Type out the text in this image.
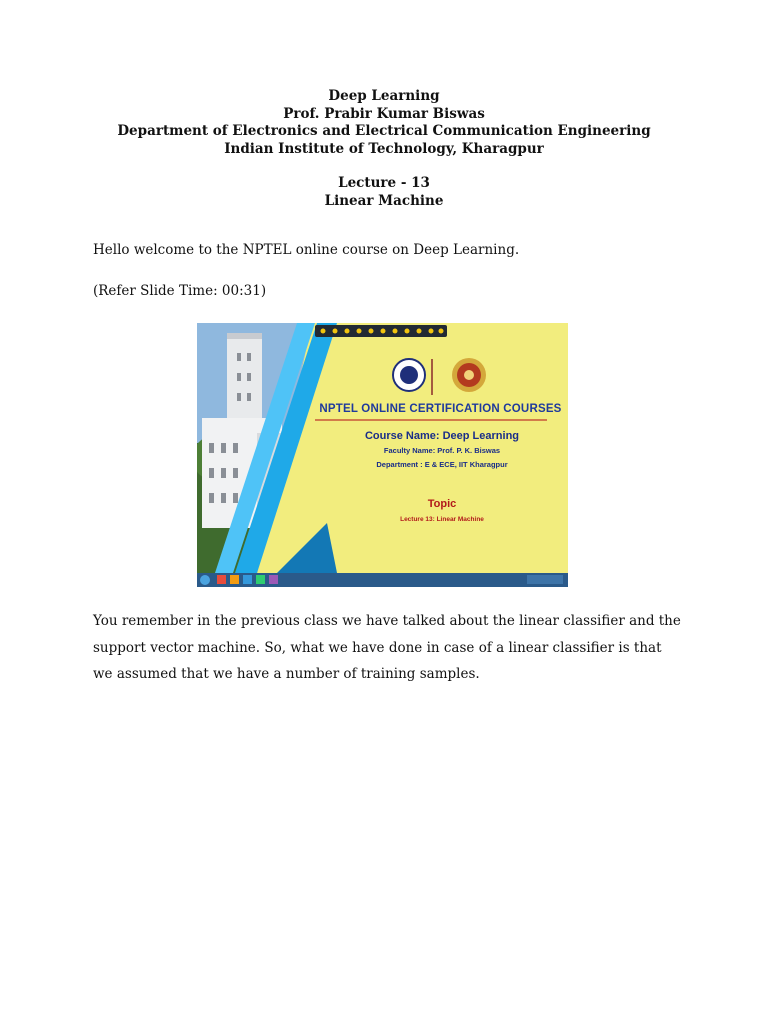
Deep Learning
Prof. Prabir Kumar Biswas
Department of Electronics and Electrical Communication Engineering
Indian Institute of Technology, Kharagpur
Lecture - 13
Linear Machine
Hello welcome to the NPTEL online course on Deep Learning.
(Refer Slide Time: 00:31)
NPTEL ONLINE CERTIFICATION COURSES
Course Name: Deep Learning
Faculty Name: Prof. P. K. Biswas
Department : E & ECE, IIT Kharagpur
Topic
Lecture 13: Linear Machine
You remember in the previous class we have talked about the linear classifier and the support vector machine. So, what we have done in case of a linear classifier is that we assumed that we have a number of training samples.
